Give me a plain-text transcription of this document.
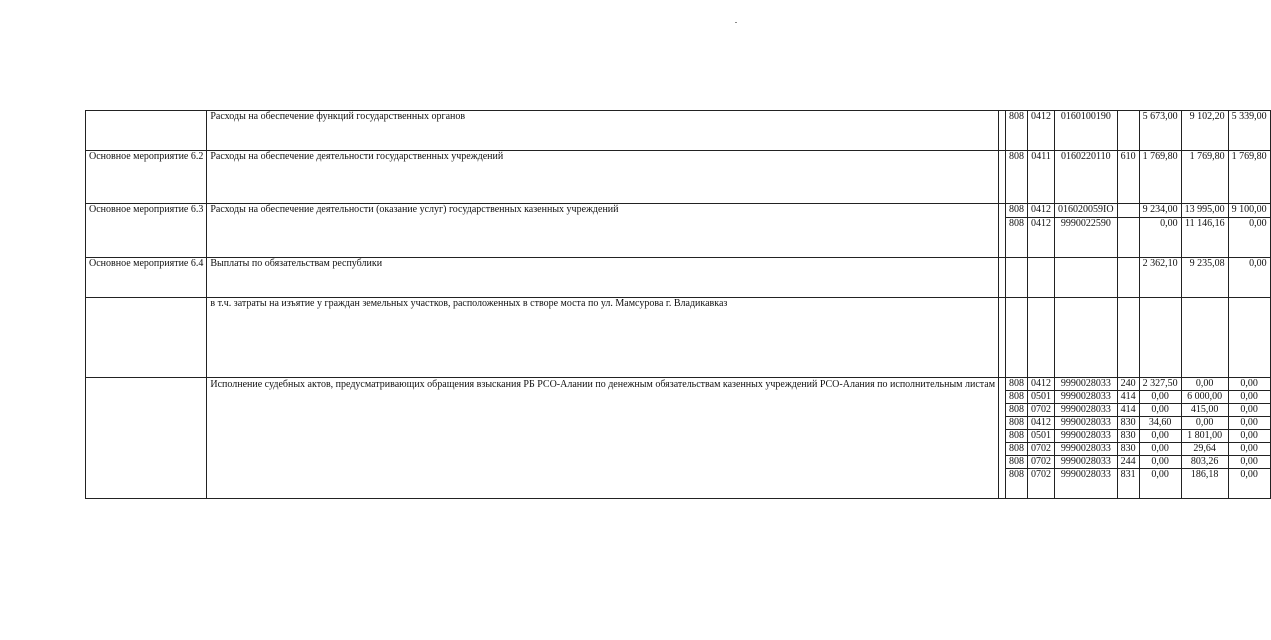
	Расходы на обеспечение функций государственных органов		808	0412	0160100190		5 673,00	9 102,20	5 339,00
Основное мероприятие 6.2	Расходы на обеспечение деятельности государственных учреждений		808	0411	0160220110	610	1 769,80	1 769,80	1 769,80
Основное мероприятие 6.3	Расходы на обеспечение деятельности (оказание услуг) государственных казенных учреждений		808	0412	016020059IO		9 234,00	13 995,00	9 100,00
			808	0412	9990022590		0,00	11 146,16	0,00
Основное мероприятие 6.4	Выплаты по обязательствам республики						2 362,10	9 235,08	0,00
	в т.ч. затраты на изъятие у граждан земельных участков, расположенных в створе моста по ул. Мамсурова г. Владикавказ								
	Исполнение судебных актов, предусматривающих обращения взыскания РБ РСО-Алании по денежным обязательствам казенных учреждений РСО-Алания по исполнительным листам		808	0412	9990028033	240	2 327,50	0,00	0,00
			808	0501	9990028033	414	0,00	6 000,00	0,00
			808	0702	9990028033	414	0,00	415,00	0,00
			808	0412	9990028033	830	34,60	0,00	0,00
			808	0501	9990028033	830	0,00	1 801,00	0,00
			808	0702	9990028033	830	0,00	29,64	0,00
			808	0702	9990028033	244	0,00	803,26	0,00
			808	0702	9990028033	831	0,00	186,18	0,00
